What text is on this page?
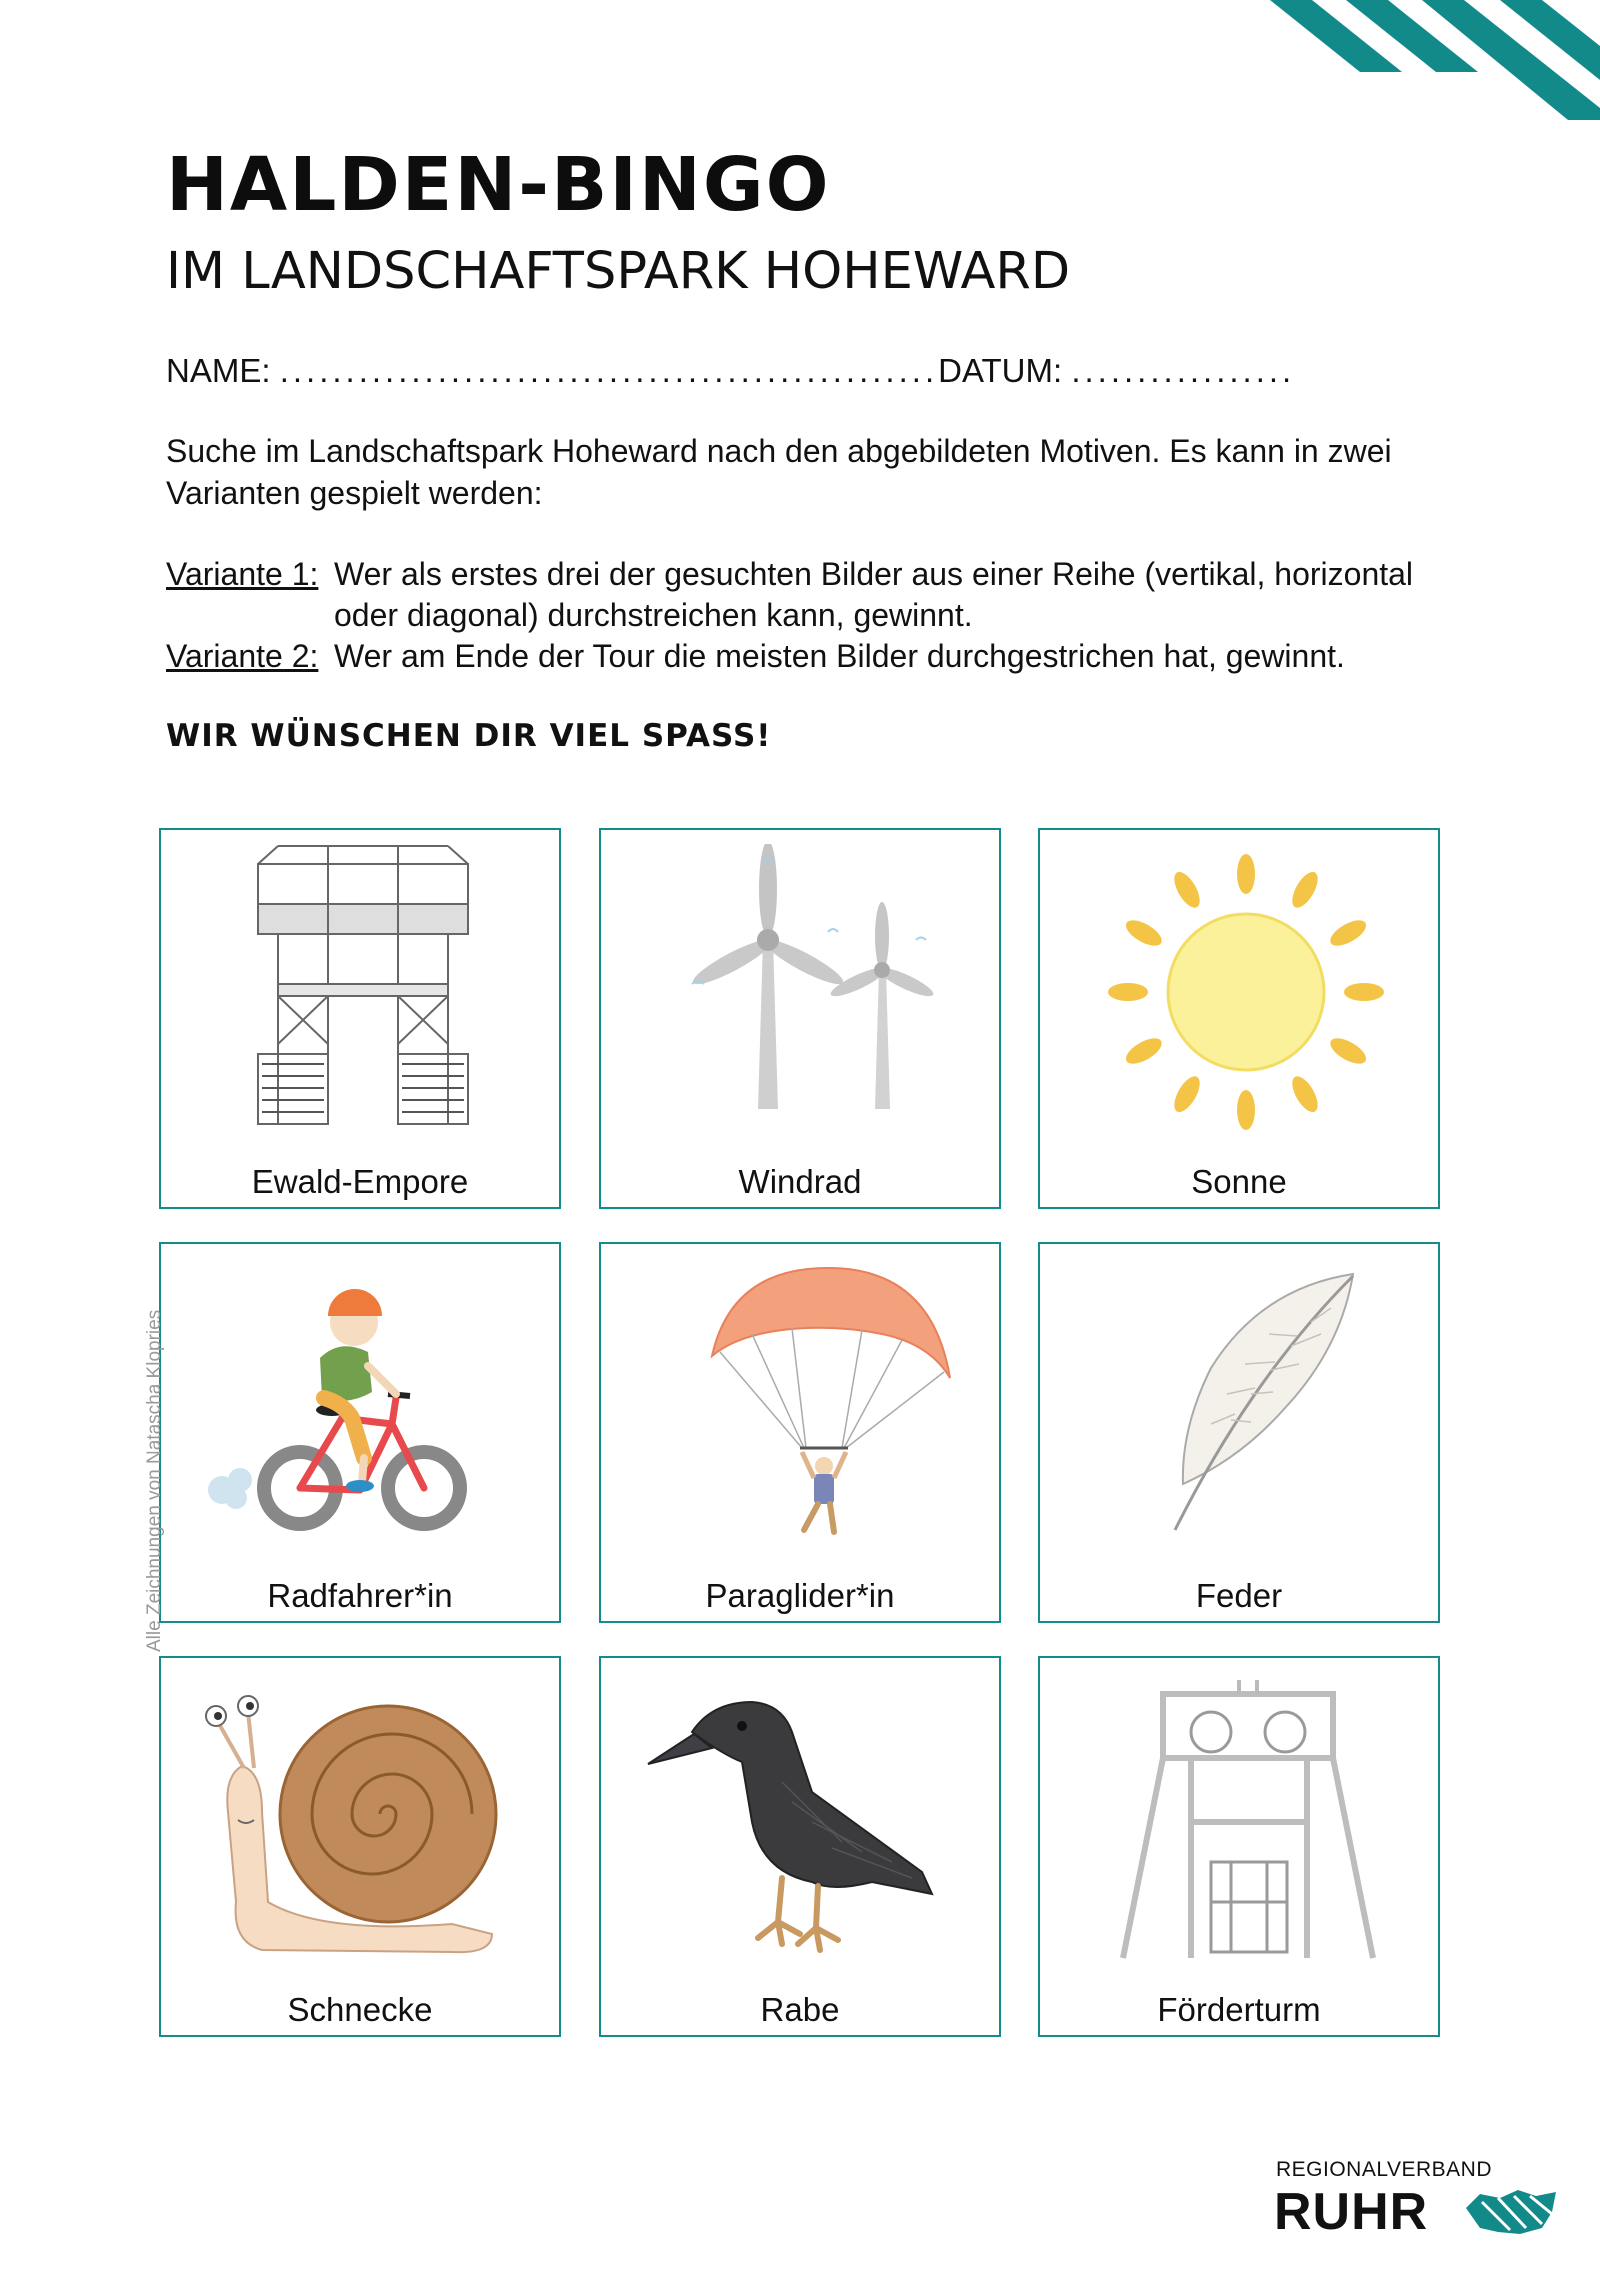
HALDEN-BINGO
IM LANDSCHAFTSPARK HOHEWARD
NAME: ..................................................DATUM: .................

Suche im Landschaftspark Hoheward nach den abgebildeten Motiven. Es kann in zwei Varianten gespielt werden:

Variante 1: Wer als erstes drei der gesuchten Bilder aus einer Reihe (vertikal, horizontal oder diagonal) durchstreichen kann, gewinnt.
Variante 2: Wer am Ende der Tour die meisten Bilder durchgestrichen hat, gewinnt.

WIR WÜNSCHEN DIR VIEL SPASS!

Ewald-Empore	Windrad	Sonne
Radfahrer*in	Paraglider*in	Feder
Schnecke	Rabe	Förderturm
Alle Zeichnungen von Natascha Klopries
REGIONALVERBAND
RUHR
